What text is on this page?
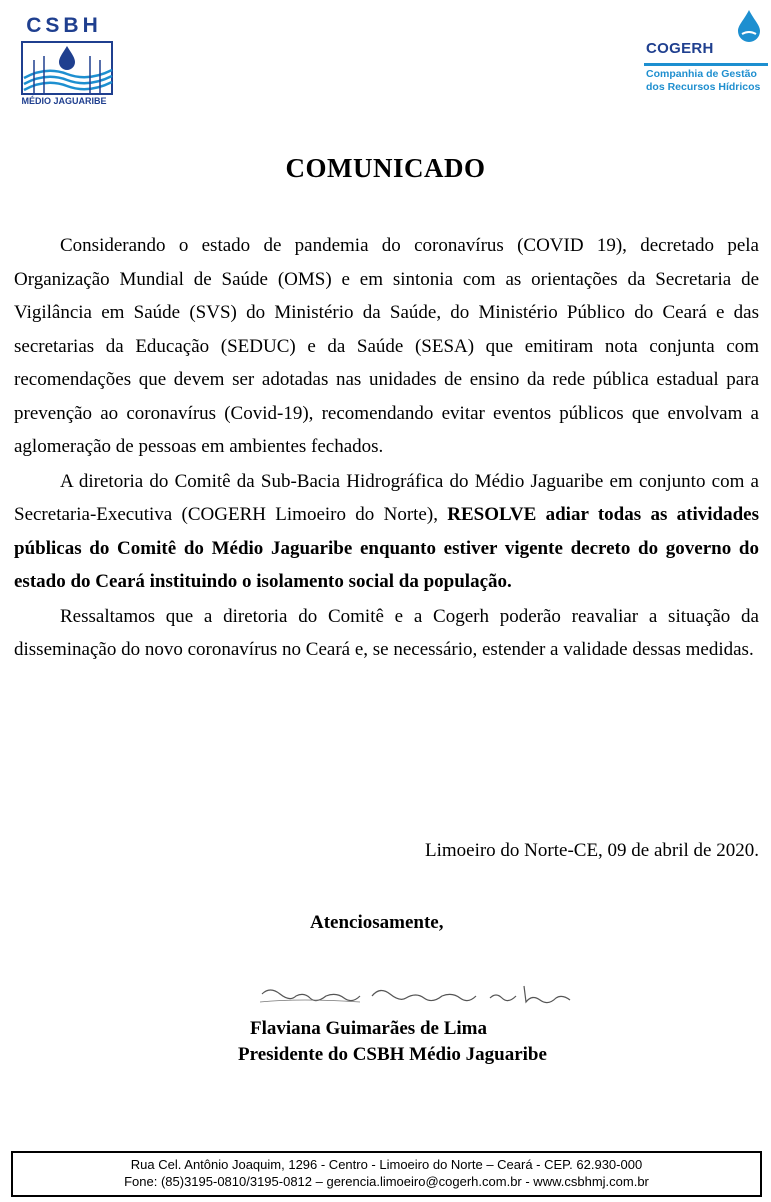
CSBH
MÉDIO JAGUARIBE
COGERH
Companhia de Gestão
dos Recursos Hídricos
COMUNICADO

Considerando o estado de pandemia do coronavírus (COVID 19), decretado pela Organização Mundial de Saúde (OMS) e em sintonia com as orientações da Secretaria de Vigilância em Saúde (SVS) do Ministério da Saúde, do Ministério Público do Ceará e das secretarias da Educação (SEDUC) e da Saúde (SESA) que emitiram nota conjunta com recomendações que devem ser adotadas nas unidades de ensino da rede pública estadual para prevenção ao coronavírus (Covid-19), recomendando evitar eventos públicos que envolvam a aglomeração de pessoas em ambientes fechados.

A diretoria do Comitê da Sub-Bacia Hidrográfica do Médio Jaguaribe em conjunto com a Secretaria-Executiva (COGERH Limoeiro do Norte), RESOLVE adiar todas as atividades públicas do Comitê do Médio Jaguaribe enquanto estiver vigente decreto do governo do estado do Ceará instituindo o isolamento social da população.

Ressaltamos que a diretoria do Comitê e a Cogerh poderão reavaliar a situação da disseminação do novo coronavírus no Ceará e, se necessário, estender a validade dessas medidas.

Limoeiro do Norte-CE, 09 de abril de 2020.
Atenciosamente,
Flaviana Guimarães de Lima
Presidente do CSBH Médio Jaguaribe
Rua Cel. Antônio Joaquim, 1296 - Centro - Limoeiro do Norte – Ceará - CEP. 62.930-000
Fone: (85)3195-0810/3195-0812 – gerencia.limoeiro@cogerh.com.br - www.csbhmj.com.br
